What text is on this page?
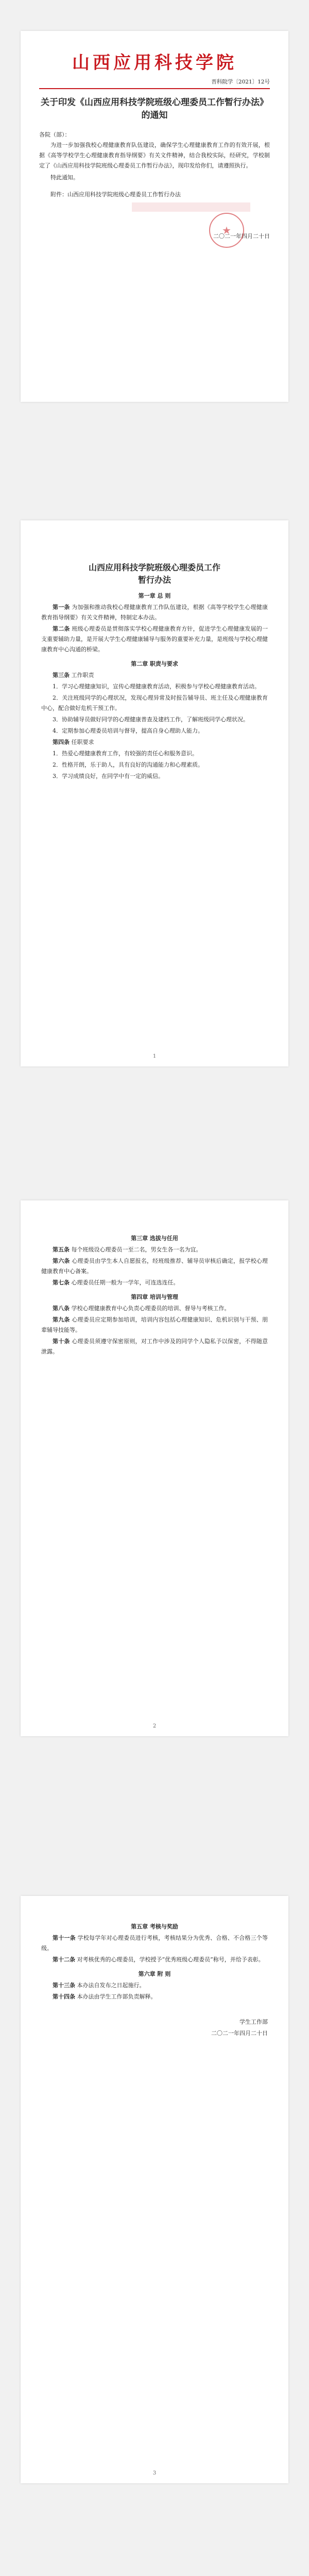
山西应用科技学院
晋科院学〔2021〕12号
关于印发《山西应用科技学院班级心理委员工作暂行办法》的通知
各院（部）：

为进一步加强我校心理健康教育队伍建设，确保学生心理健康教育工作的有效开展，根据《高等学校学生心理健康教育指导纲要》有关文件精神，结合我校实际，经研究，学校制定了《山西应用科技学院班级心理委员工作暂行办法》，现印发给你们，请遵照执行。

特此通知。

附件：山西应用科技学院班级心理委员工作暂行办法
★
二〇二一年四月二十日
山西应用科技学院班级心理委员工作
暂行办法
第一章 总 则

第一条 为加强和推动我校心理健康教育工作队伍建设，根据《高等学校学生心理健康教育指导纲要》有关文件精神，特制定本办法。

第二条 班级心理委员是贯彻落实学校心理健康教育方针，促进学生心理健康发展的一支重要辅助力量，是开展大学生心理健康辅导与服务的重要补充力量，是班级与学校心理健康教育中心沟通的桥梁。

第二章 职责与要求

第三条 工作职责

1．学习心理健康知识，宣传心理健康教育活动，积极参与学校心理健康教育活动。

2．关注班级同学的心理状况，发现心理异常及时报告辅导员、班主任及心理健康教育中心，配合做好危机干预工作。

3．协助辅导员做好同学的心理健康普查及建档工作，了解班级同学心理状况。

4．定期参加心理委员培训与督导，提高自身心理助人能力。

第四条 任职要求

1．热爱心理健康教育工作，有较强的责任心和服务意识。

2．性格开朗，乐于助人，具有良好的沟通能力和心理素质。

3．学习成绩良好，在同学中有一定的威信。

1
第三章 选拔与任用

第五条 每个班级设心理委员一至二名，男女生各一名为宜。

第六条 心理委员由学生本人自愿报名，经班级推荐、辅导员审核后确定，报学校心理健康教育中心备案。

第七条 心理委员任期一般为一学年，可连选连任。

第四章 培训与管理

第八条 学校心理健康教育中心负责心理委员的培训、督导与考核工作。

第九条 心理委员应定期参加培训，培训内容包括心理健康知识、危机识别与干预、朋辈辅导技能等。

第十条 心理委员须遵守保密原则，对工作中涉及的同学个人隐私予以保密，不得随意泄露。

2
第五章 考核与奖励

第十一条 学校每学年对心理委员进行考核，考核结果分为优秀、合格、不合格三个等级。

第十二条 对考核优秀的心理委员，学校授予“优秀班级心理委员”称号，并给予表彰。

第六章 附 则

第十三条 本办法自发布之日起施行。

第十四条 本办法由学生工作部负责解释。

学生工作部
二〇二一年四月二十日
3
